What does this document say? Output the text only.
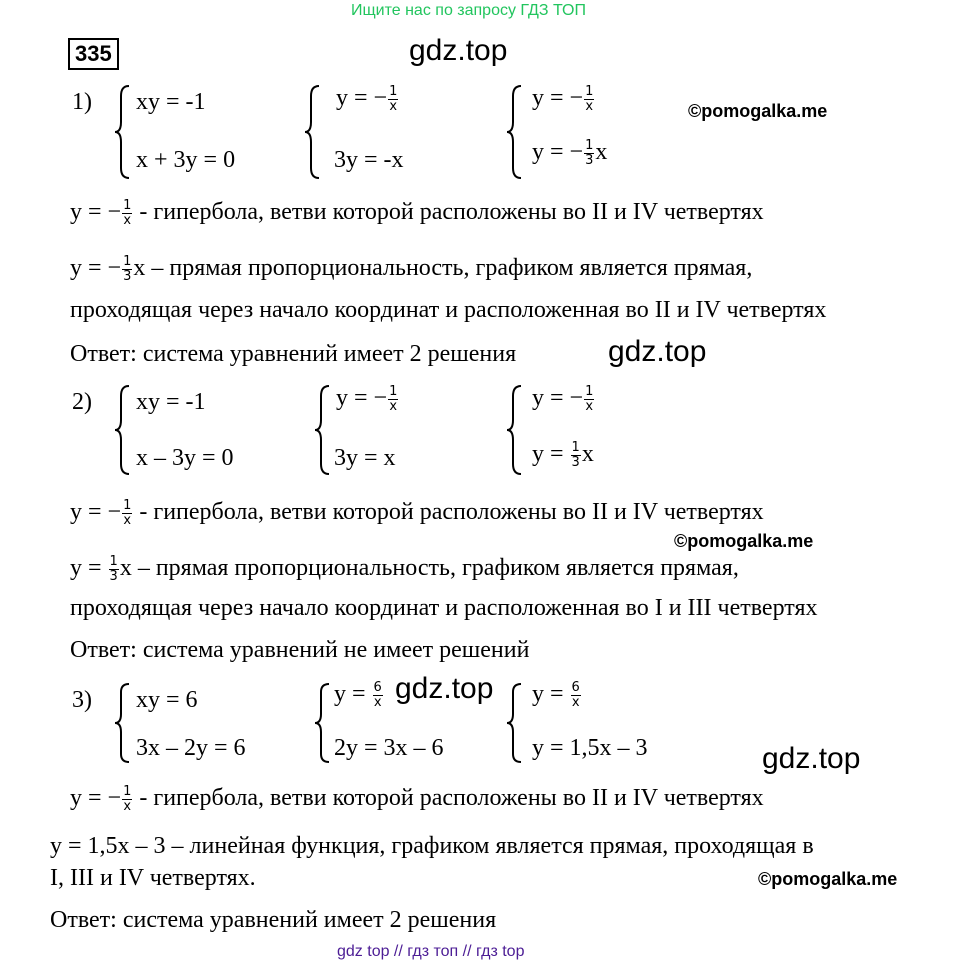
Ищите нас по запросу ГДЗ ТОП
335	gdz.top
©pomogalka.me
gdz.top
©pomogalka.me
gdz.top
gdz.top
©pomogalka.me
1) xy = -1
x + 3y = 0
y = − $\frac{1}{x}$
3y = -x
y = − $\frac{1}{x}$
y = − $\frac{1}{3}$ x
y = − $\frac{1}{x}$ - гипербола, ветви которой расположены во II и IV четвертях
y = − $\frac{1}{3}$ x – прямая пропорциональность, графиком является прямая,
проходящая через начало координат и расположенная во II и IV четвертях
Ответ: система уравнений имеет 2 решения
2) xy = -1
x – 3y = 0
y = − $\frac{1}{x}$
3y = x
y = − $\frac{1}{x}$
$y = \frac{1}{3}$ x
y = − $\frac{1}{x}$ - гипербола, ветви которой расположены во II и IV четвертях
$y = \frac{1}{3}$ x – прямая пропорциональность, графиком является прямая,
проходящая через начало координат и расположенная во I и III четвертях
Ответ: система уравнений не имеет решений
3) xy = 6
3x – 2y = 6
$y = \frac{6}{x}$
2y = 3x – 6
$y = \frac{6}{x}$
y = 1,5x – 3
y = − $\frac{1}{x}$ - гипербола, ветви которой расположены во II и IV четвертях
y = 1,5x – 3 – линейная функция, графиком является прямая, проходящая в
I, III и IV четвертях.
Ответ: система уравнений имеет 2 решения
gdz top // гдз топ // гдз top
